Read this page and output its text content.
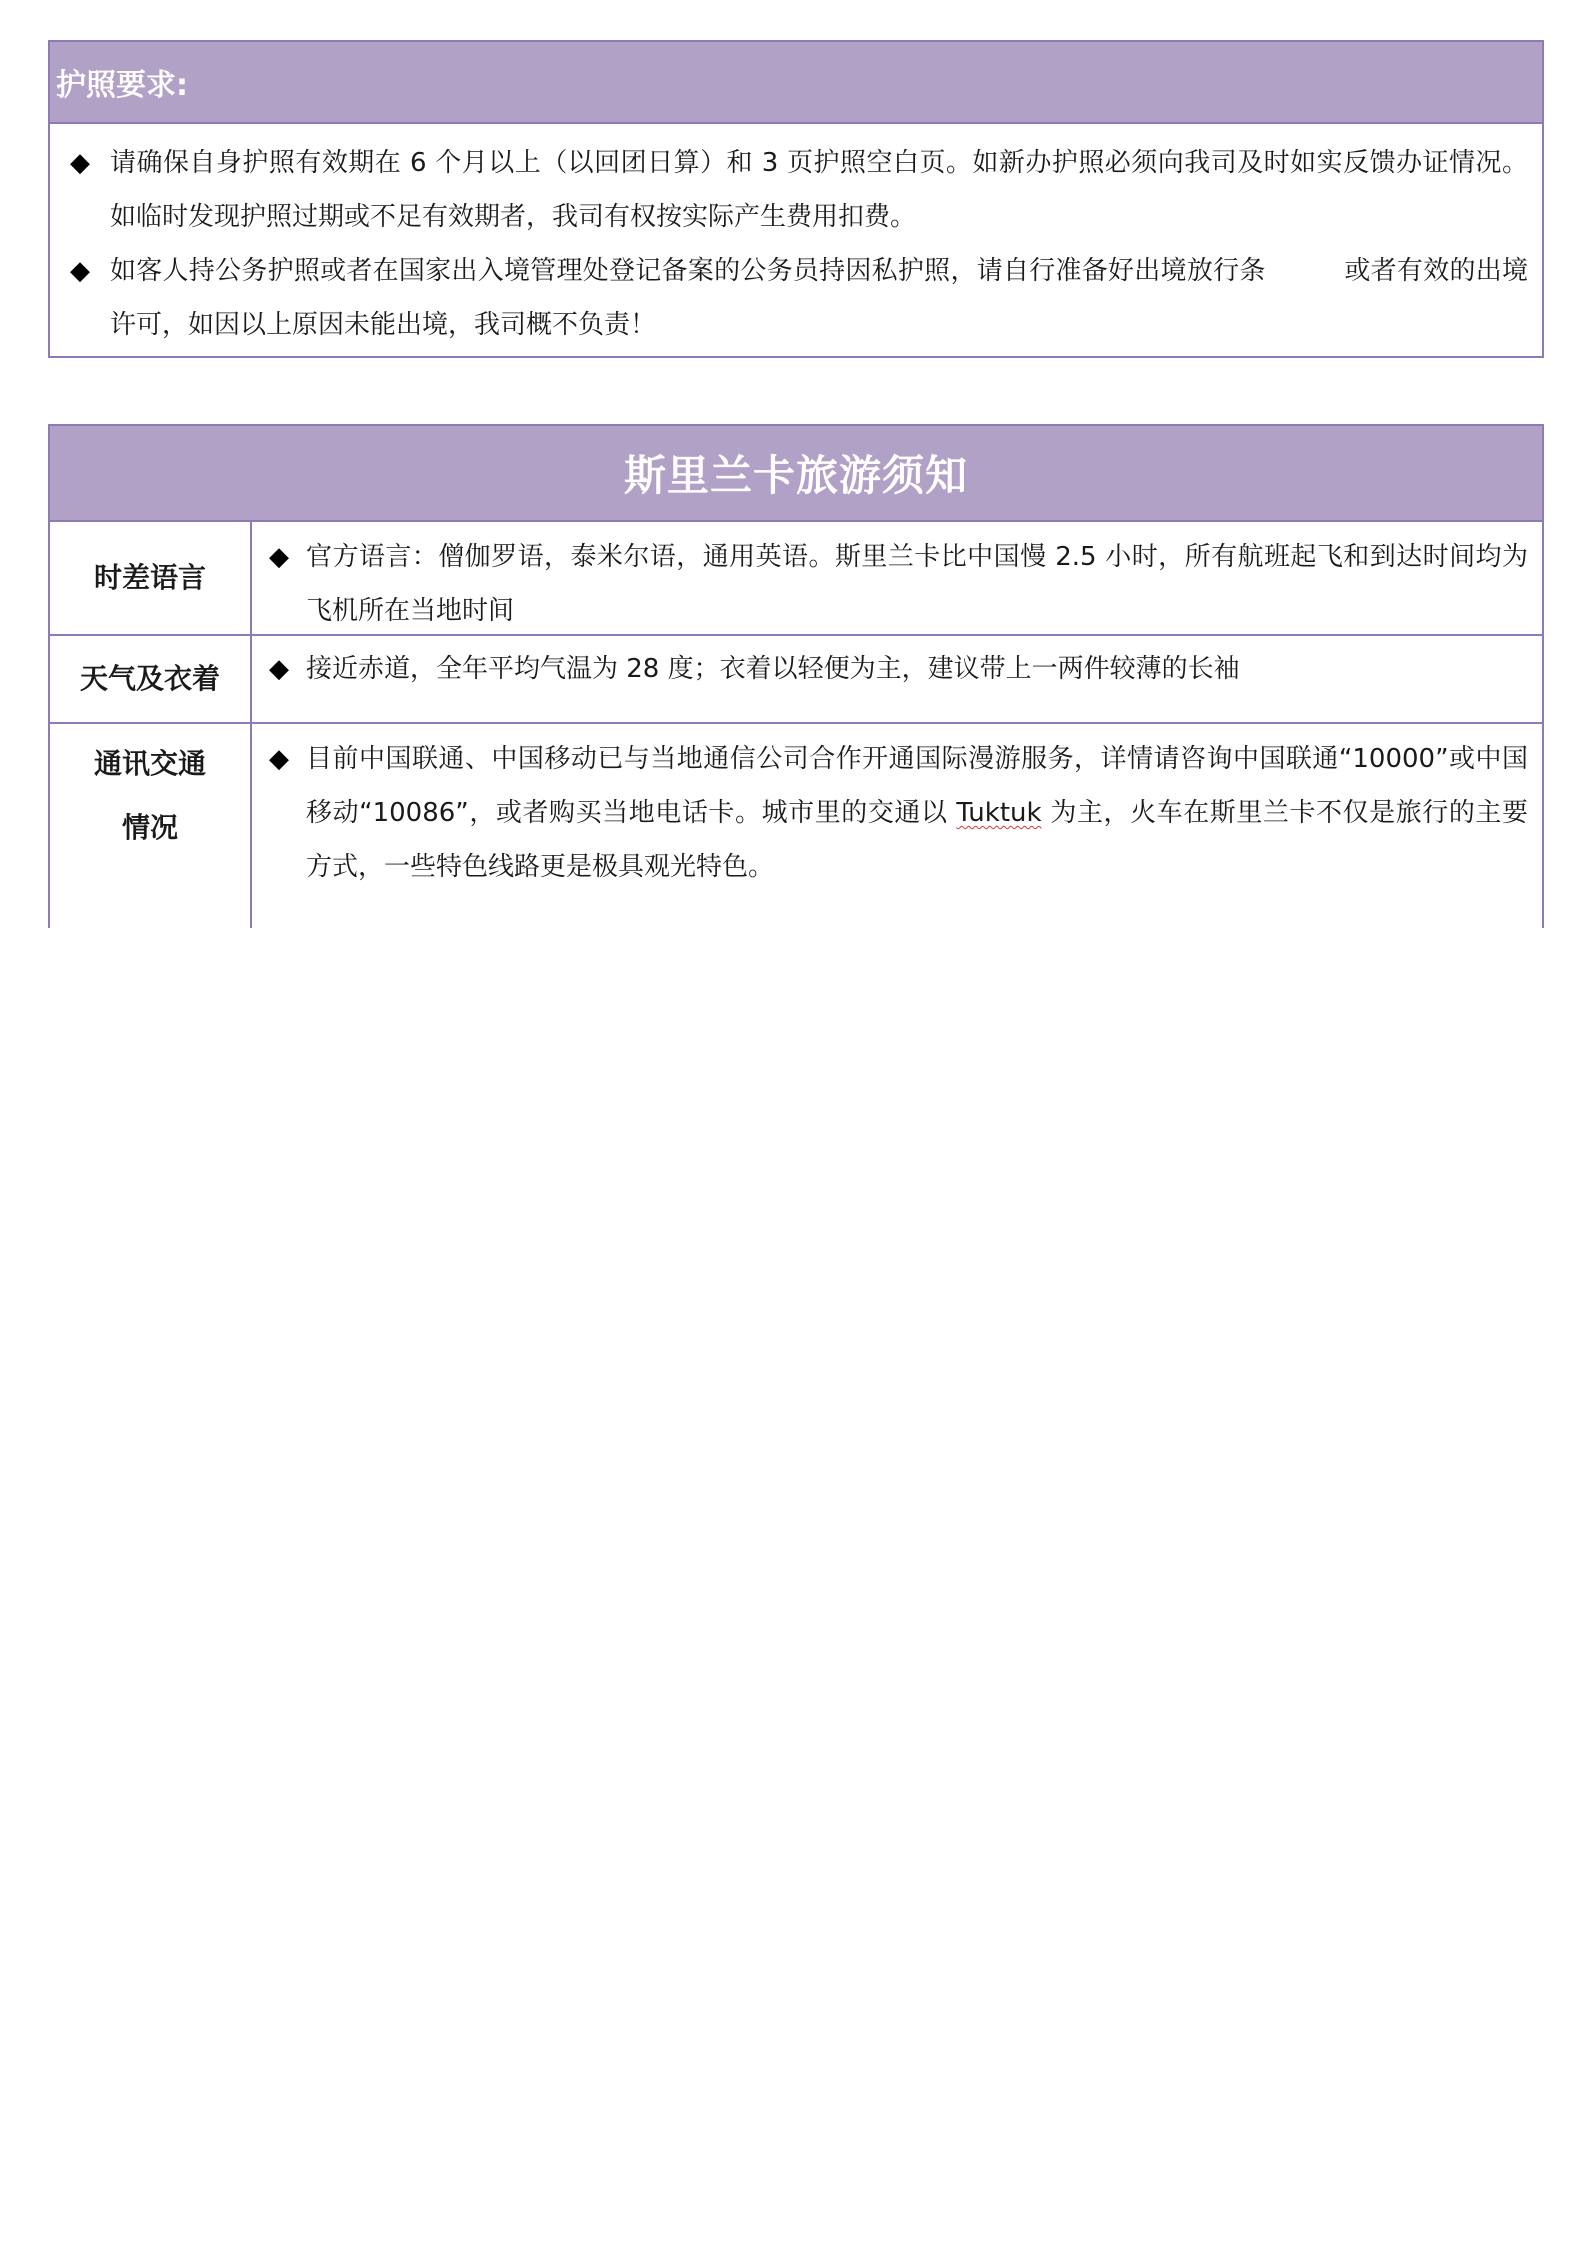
护照要求:
◆ 请确保自身护照有效期在 6 个月以上（以回团日算）和 3 页护照空白页。如新办护照必须向我司及时如实反馈办证情况。如临时发现护照过期或不足有效期者，我司有权按实际产生费用扣费。
◆ 如客人持公务护照或者在国家出入境管理处登记备案的公务员持因私护照，请自行准备好出境放行条　　　或者有效的出境许可，如因以上原因未能出境，我司概不负责！
斯里兰卡旅游须知
时差语言
◆ 官方语言：僧伽罗语，泰米尔语，通用英语。斯里兰卡比中国慢 2.5 小时，所有航班起飞和到达时间均为飞机所在当地时间
天气及衣着	◆ 接近赤道，全年平均气温为 28 度；衣着以轻便为主，建议带上一两件较薄的长袖
通讯交通情况
◆ 目前中国联通、中国移动已与当地通信公司合作开通国际漫游服务，详情请咨询中国联通“10000”或中国移动“10086”，或者购买当地电话卡。城市里的交通以 Tuktuk 为主，火车在斯里兰卡不仅是旅行的主要方式，一些特色线路更是极具观光特色。
